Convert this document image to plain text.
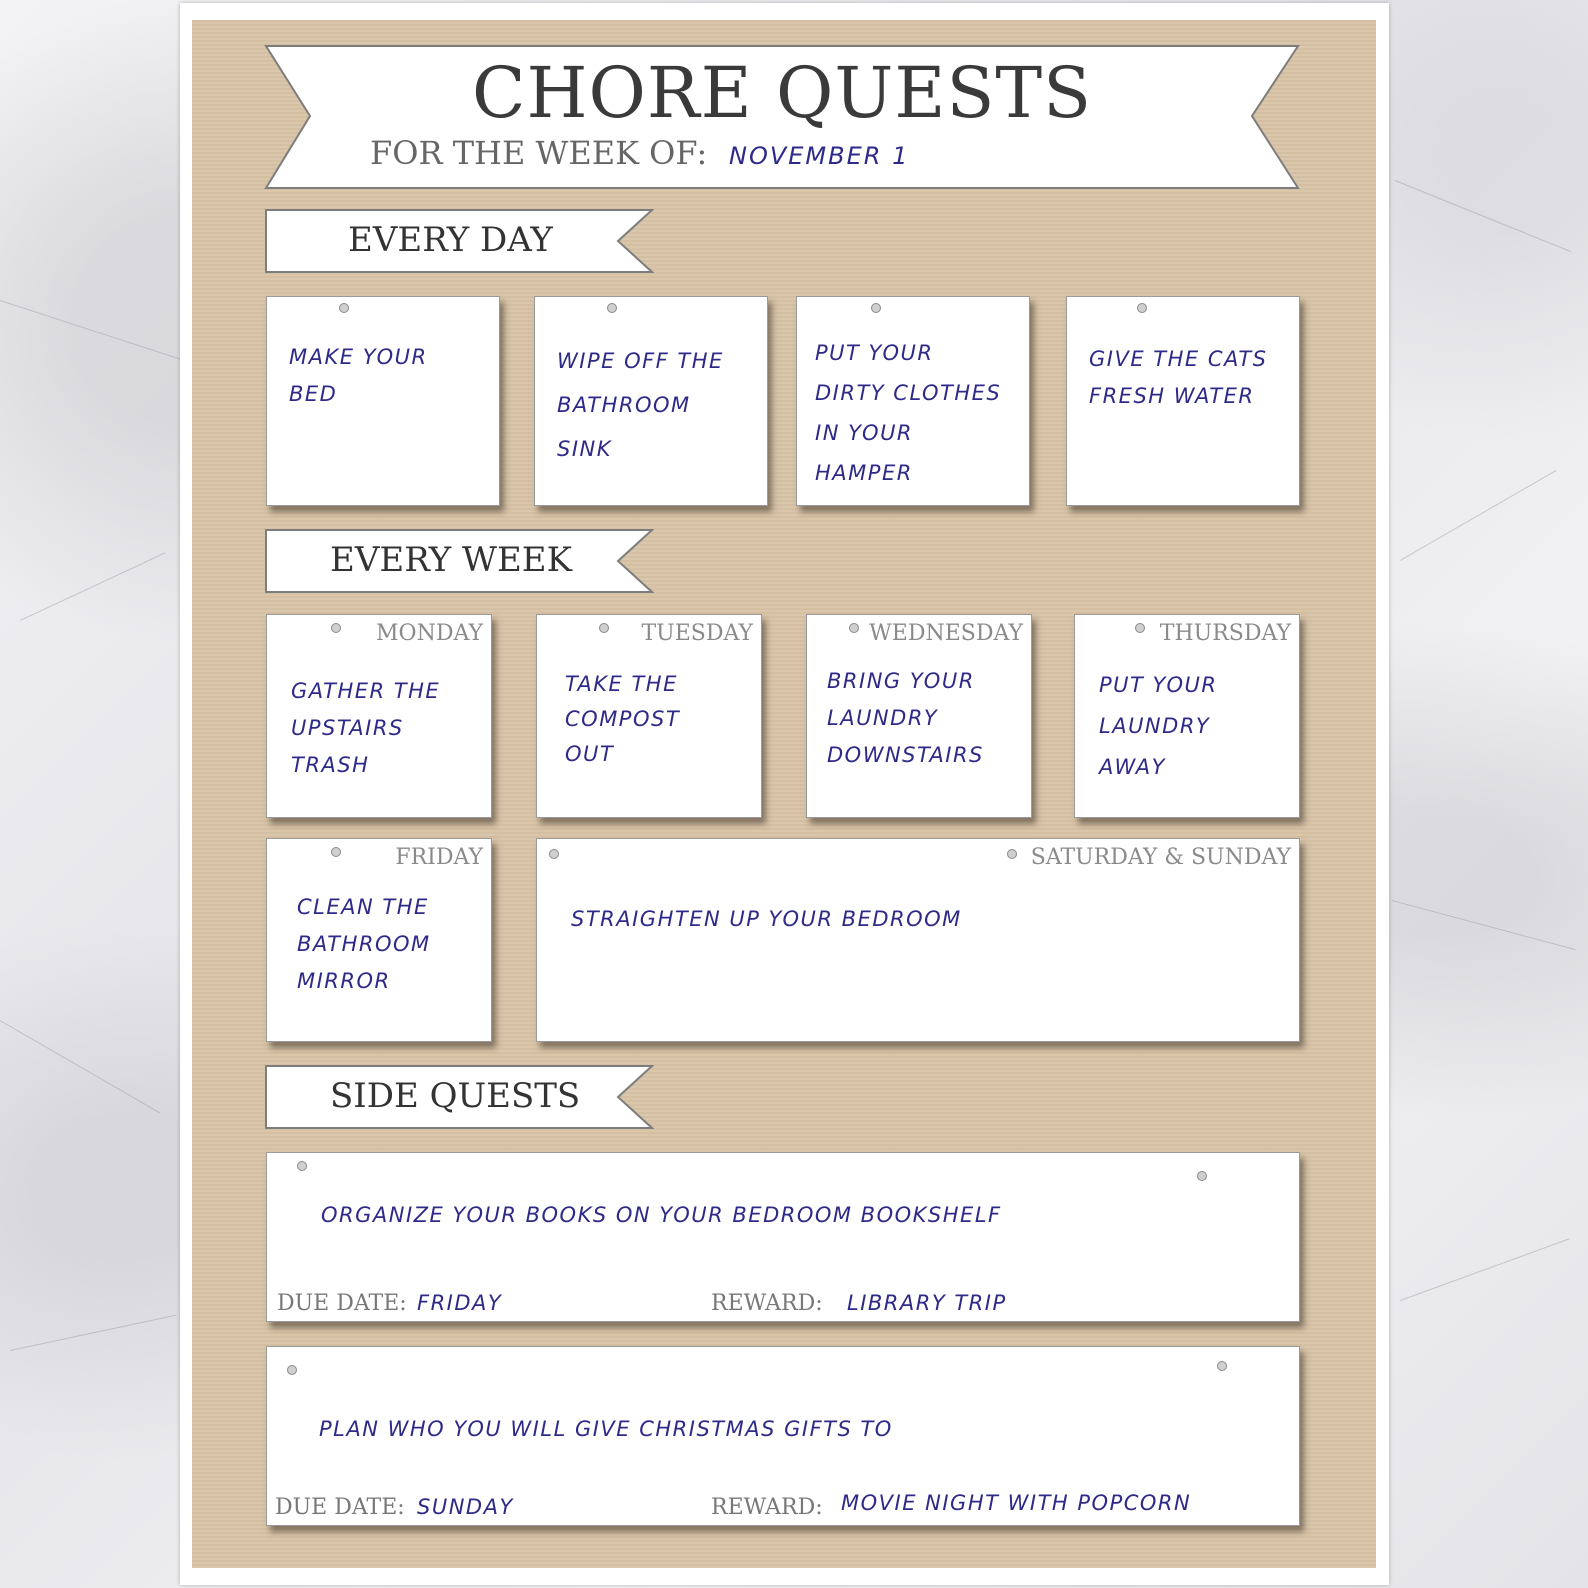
CHORE QUESTS
FOR THE WEEK OF: NOVEMBER 1
EVERY DAY
MAKE YOUR
BED
WIPE OFF THE
BATHROOM
SINK
PUT YOUR
DIRTY CLOTHES
IN YOUR
HAMPER
GIVE THE CATS
FRESH WATER
EVERY WEEK
MONDAY
GATHER THE
UPSTAIRS
TRASH
TUESDAY
TAKE THE
COMPOST
OUT
WEDNESDAY
BRING YOUR
LAUNDRY
DOWNSTAIRS
THURSDAY
PUT YOUR
LAUNDRY
AWAY
FRIDAY
CLEAN THE
BATHROOM
MIRROR
SATURDAY & SUNDAY
STRAIGHTEN UP YOUR BEDROOM
SIDE QUESTS
ORGANIZE YOUR BOOKS ON YOUR BEDROOM BOOKSHELF
DUE DATE: FRIDAY	REWARD: LIBRARY TRIP
PLAN WHO YOU WILL GIVE CHRISTMAS GIFTS TO
DUE DATE: SUNDAY	REWARD: MOVIE NIGHT WITH POPCORN
